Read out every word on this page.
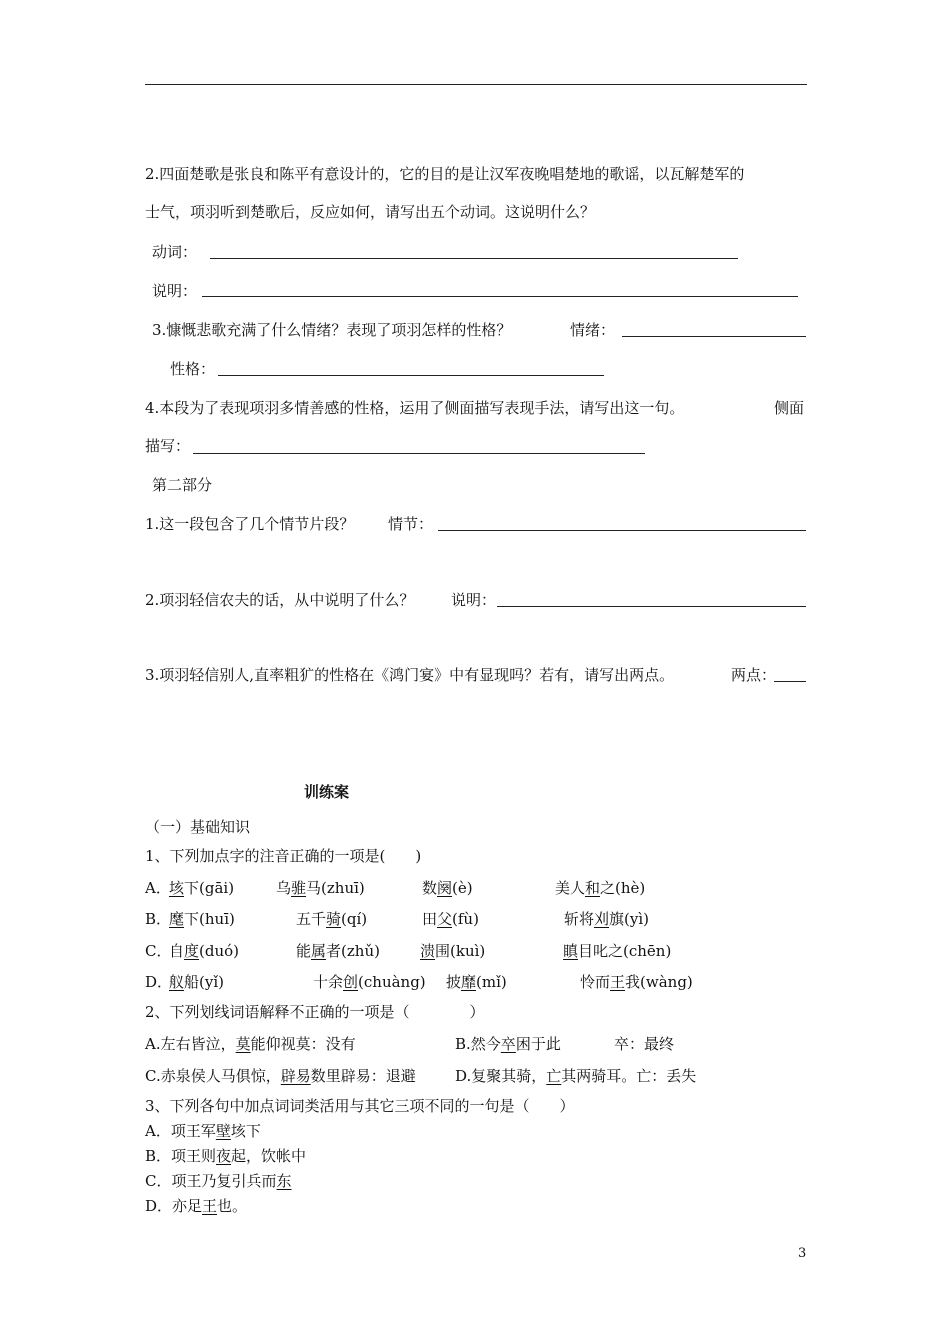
2.四面楚歌是张良和陈平有意设计的，它的目的是让汉军夜晚唱楚地的歌谣，以瓦解楚军的
士气，项羽听到楚歌后，反应如何，请写出五个动词。这说明什么？
动词：
说明：
3.慷慨悲歌充满了什么情绪？表现了项羽怎样的性格？	情绪：
性格：
4.本段为了表现项羽多情善感的性格，运用了侧面描写表现手法，请写出这一句。	侧面
描写：
第二部分
1.这一段包含了几个情节片段？ 情节：
2.项羽轻信农夫的话，从中说明了什么？ 说明：
3.项羽轻信别人,直率粗犷的性格在《鸿门宴》中有显现吗？若有，请写出两点。	两点：
训练案
（一）基础知识
1、下列加点字的注音正确的一项是(　　)
A．
垓下(gāi)	乌骓马(zhuī)	数阕(è)	美人和之(hè)
B．
麾下(huī)	五千骑(qí)	田父(fù)	斩将刈旗(yì)
C．
自度(duó)	能属者(zhǔ)	溃围(kuì)	瞋目叱之(chēn)
D．
舣船(yǐ)	十余创(chuàng) 披靡(mǐ)	怜而王我(wàng)
2、下列划线词语解释不正确的一项是（　　　　）
A.左右皆泣，莫能仰视莫：没有	B.然今卒困于此	卒：最终
C.赤泉侯人马俱惊，辟易数里辟易：退避	D.复聚其骑，亡其两骑耳。亡：丢失
3、下列各句中加点词词类活用与其它三项不同的一句是（　　）
A．项王军壁垓下
B．项王则夜起，饮帐中
C．项王乃复引兵而东
D．亦足王也。
3
